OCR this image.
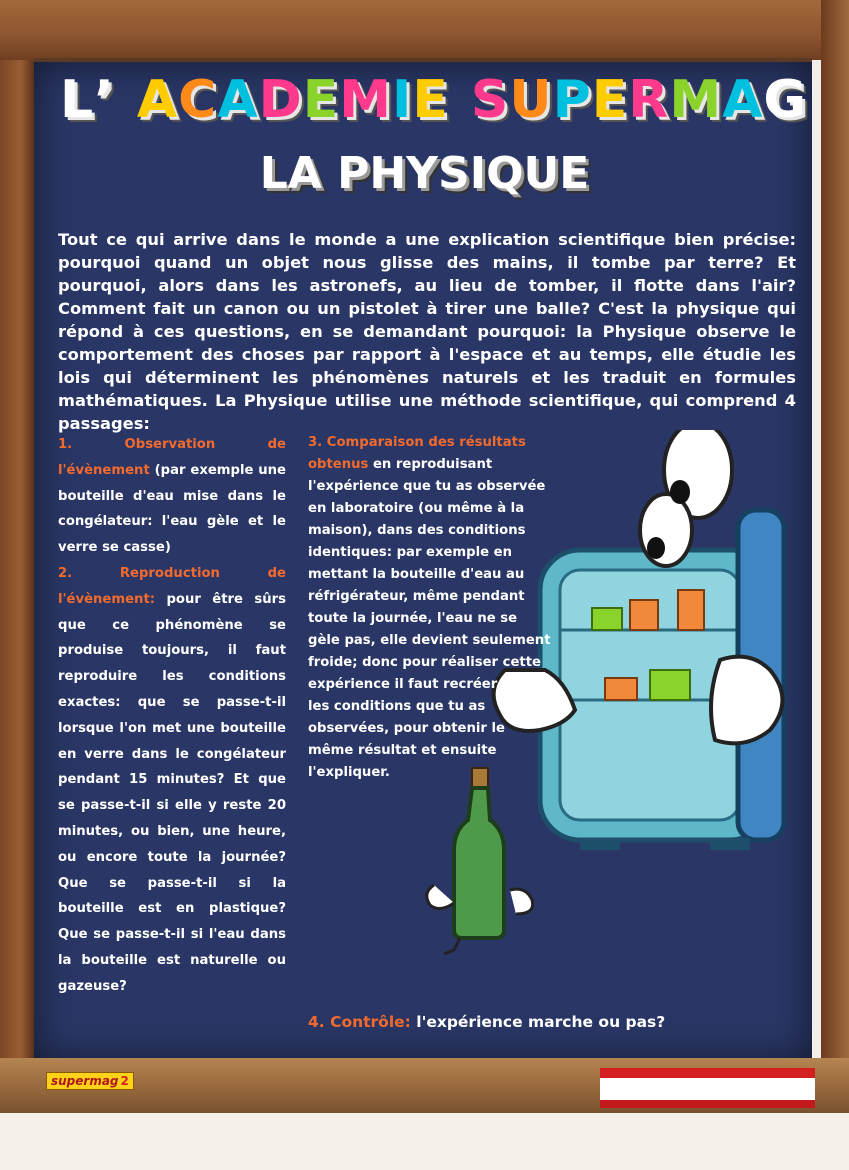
L’ ACADEMIE SUPERMAG
LA PHYSIQUE
Tout ce qui arrive dans le monde a une explication scientifique bien précise: pourquoi quand un objet nous glisse des mains, il tombe par terre? Et pourquoi, alors dans les astronefs, au lieu de tomber, il flotte dans l'air? Comment fait un canon ou un pistolet à tirer une balle? C'est la physique qui répond à ces questions, en se demandant pourquoi: la Physique observe le comportement des choses par rapport à l'espace et au temps, elle étudie les lois qui déterminent les phénomènes naturels et les traduit en formules mathématiques. La Physique utilise une méthode scientifique, qui comprend 4 passages:
1. Observation de l'évènement (par exemple une bouteille d'eau mise dans le congélateur: l'eau gèle et le verre se casse)
2. Reproduction de l'évènement: pour être sûrs que ce phénomène se produise toujours, il faut reproduire les conditions exactes: que se passe-t-il lorsque l'on met une bouteille en verre dans le congélateur pendant 15 minutes? Et que se passe-t-il si elle y reste 20 minutes, ou bien, une heure, ou encore toute la journée? Que se passe-t-il si la bouteille est en plastique? Que se passe-t-il si l'eau dans la bouteille est naturelle ou gazeuse?
3. Comparaison des résultats obtenus en reproduisant l'expérience que tu as observée en laboratoire (ou même à la maison), dans des conditions identiques: par exemple en mettant la bouteille d'eau au réfrigérateur, même pendant toute la journée, l'eau ne se gèle pas, elle devient seulement froide; donc pour réaliser cette expérience il faut recréer toutes les conditions que tu as observées, pour obtenir le même résultat et ensuite l'expliquer.
4. Contrôle: l'expérience marche ou pas?
supermag 2
